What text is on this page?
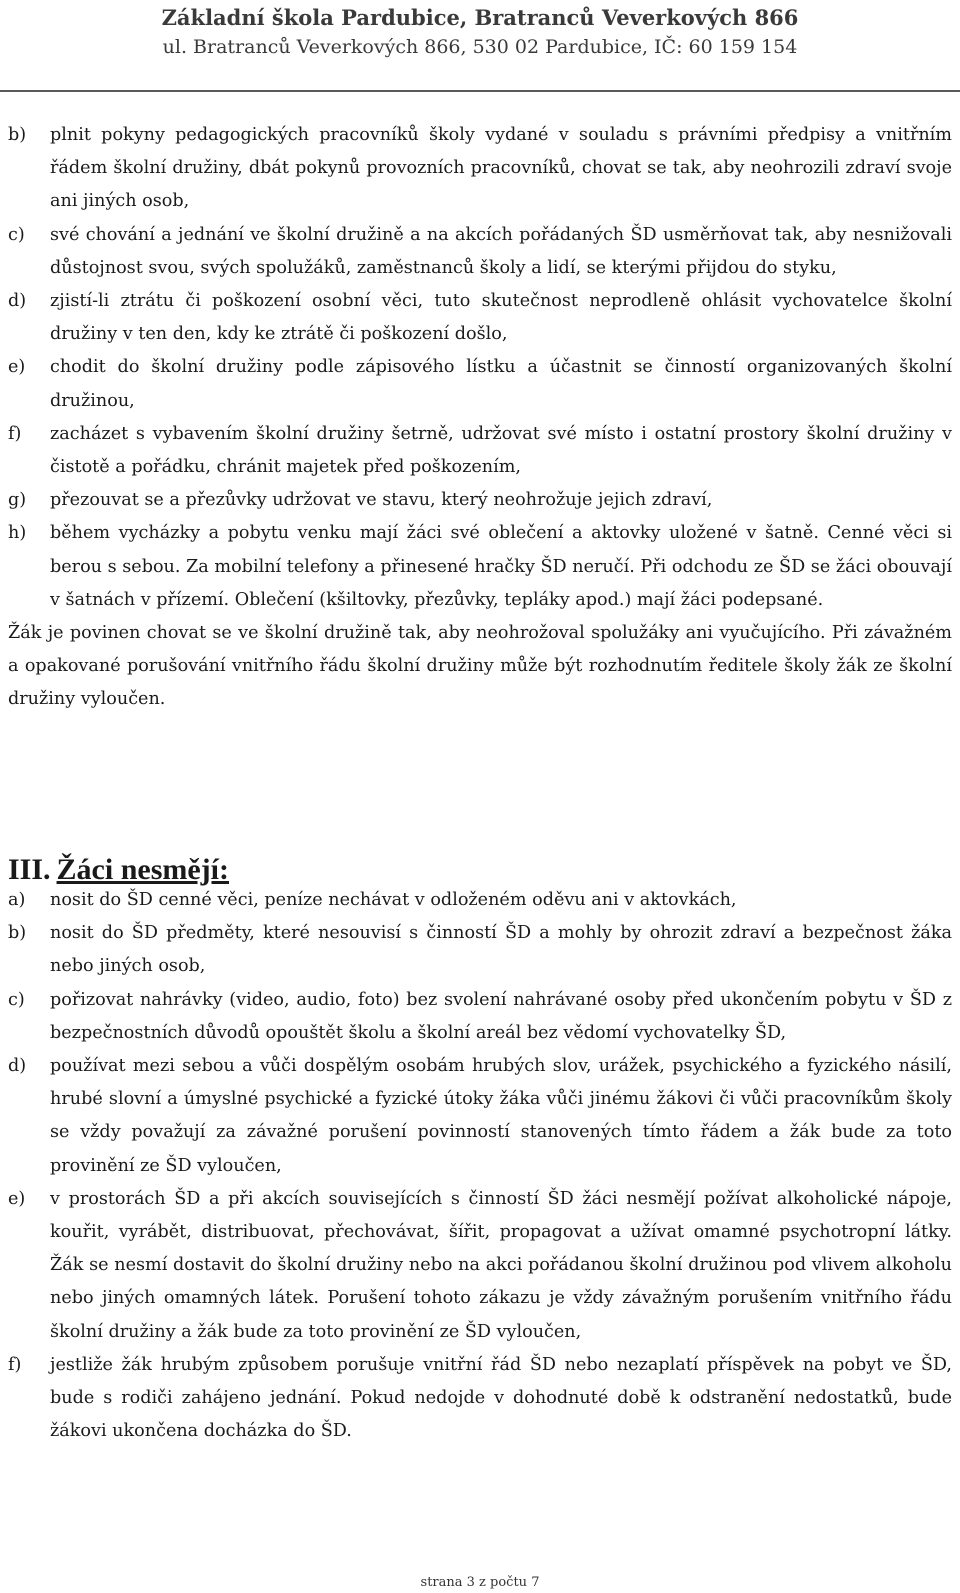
Základní škola Pardubice, Bratranců Veverkových 866
ul. Bratranců Veverkových 866, 530 02 Pardubice, IČ: 60 159 154
b)	plnit pokyny pedagogických pracovníků školy vydané v souladu s právními předpisy a vnitřním řádem školní družiny, dbát pokynů provozních pracovníků, chovat se tak, aby neohrozili zdraví svoje ani jiných osob,
c)	své chování a jednání ve školní družině a na akcích pořádaných ŠD usměrňovat tak, aby nesnižovali důstojnost svou, svých spolužáků, zaměstnanců školy a lidí, se kterými přijdou do styku,
d)	zjistí-li ztrátu či poškození osobní věci, tuto skutečnost neprodleně ohlásit vychovatelce školní družiny v ten den, kdy ke ztrátě či poškození došlo,
e)	chodit do školní družiny podle zápisového lístku a účastnit se činností organizovaných školní družinou,
f)	zacházet s vybavením školní družiny šetrně, udržovat své místo i ostatní prostory školní družiny v čistotě a pořádku, chránit majetek před poškozením,
g)	přezouvat se a přezůvky udržovat ve stavu, který neohrožuje jejich zdraví,
h)	během vycházky a pobytu venku mají žáci své oblečení a aktovky uložené v šatně. Cenné věci si berou s sebou. Za mobilní telefony a přinesené hračky ŠD neručí. Při odchodu ze ŠD se žáci obouvají v šatnách v přízemí. Oblečení (kšiltovky, přezůvky, tepláky apod.) mají žáci podepsané.
Žák je povinen chovat se ve školní družině tak, aby neohrožoval spolužáky ani vyučujícího. Při závažném a opakované porušování vnitřního řádu školní družiny může být rozhodnutím ředitele školy žák ze školní družiny vyloučen.
III. Žáci nesmějí:
a)	nosit do ŠD cenné věci, peníze nechávat v odloženém oděvu ani v aktovkách,
b)	nosit do ŠD předměty, které nesouvisí s činností ŠD a mohly by ohrozit zdraví a bezpečnost žáka nebo jiných osob,
c)	pořizovat nahrávky (video, audio, foto) bez svolení nahrávané osoby před ukončením pobytu v ŠD z bezpečnostních důvodů opouštět školu a školní areál bez vědomí vychovatelky ŠD,
d)	používat mezi sebou a vůči dospělým osobám hrubých slov, urážek, psychického a fyzického násilí, hrubé slovní a úmyslné psychické a fyzické útoky žáka vůči jinému žákovi či vůči pracovníkům školy se vždy považují za závažné porušení povinností stanovených tímto řádem a žák bude za toto provinění ze ŠD vyloučen,
e)	v prostorách ŠD a při akcích souvisejících s činností ŠD žáci nesmějí požívat alkoholické nápoje, kouřit, vyrábět, distribuovat, přechovávat, šířit, propagovat a užívat omamné psychotropní látky. Žák se nesmí dostavit do školní družiny nebo na akci pořádanou školní družinou pod vlivem alkoholu nebo jiných omamných látek. Porušení tohoto zákazu je vždy závažným porušením vnitřního řádu školní družiny a žák bude za toto provinění ze ŠD vyloučen,
f)	jestliže žák hrubým způsobem porušuje vnitřní řád ŠD nebo nezaplatí příspěvek na pobyt ve ŠD, bude s rodiči zahájeno jednání. Pokud nedojde v dohodnuté době k odstranění nedostatků, bude žákovi ukončena docházka do ŠD.
strana 3 z počtu 7
